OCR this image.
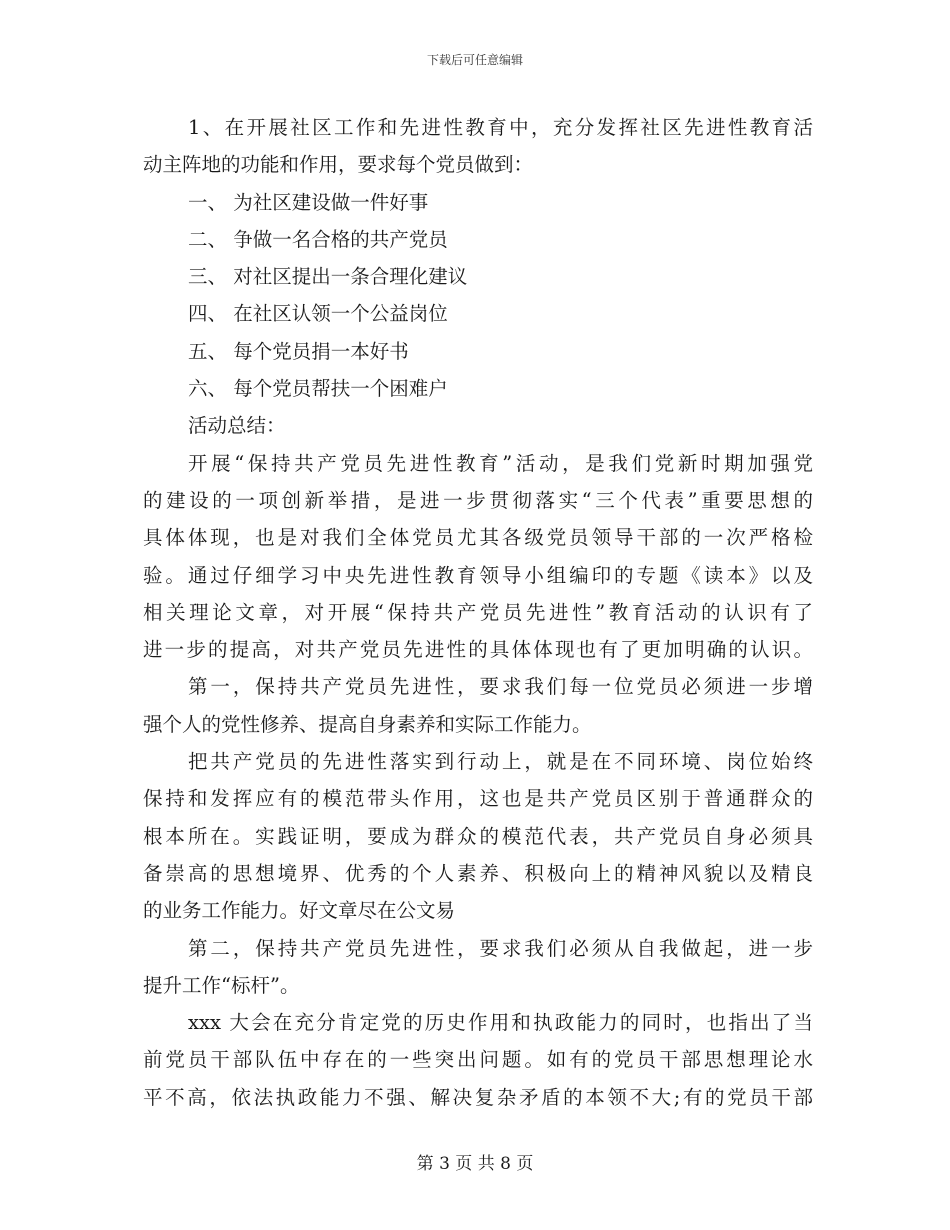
下载后可任意编辑
1、在开展社区工作和先进性教育中，充分发挥社区先进性教育活
动主阵地的功能和作用，要求每个党员做到：
一、 为社区建设做一件好事
二、 争做一名合格的共产党员
三、 对社区提出一条合理化建议
四、 在社区认领一个公益岗位
五、 每个党员捐一本好书
六、 每个党员帮扶一个困难户
活动总结：
开展“保持共产党员先进性教育”活动，是我们党新时期加强党
的建设的一项创新举措，是进一步贯彻落实“三个代表”重要思想的
具体体现，也是对我们全体党员尤其各级党员领导干部的一次严格检
验。通过仔细学习中央先进性教育领导小组编印的专题《读本》以及
相关理论文章，对开展“保持共产党员先进性”教育活动的认识有了
进一步的提高，对共产党员先进性的具体体现也有了更加明确的认识。
第一，保持共产党员先进性，要求我们每一位党员必须进一步增
强个人的党性修养、提高自身素养和实际工作能力。
把共产党员的先进性落实到行动上，就是在不同环境、岗位始终
保持和发挥应有的模范带头作用，这也是共产党员区别于普通群众的
根本所在。实践证明，要成为群众的模范代表，共产党员自身必须具
备崇高的思想境界、优秀的个人素养、积极向上的精神风貌以及精良
的业务工作能力。好文章尽在公文易
第二，保持共产党员先进性，要求我们必须从自我做起，进一步
提升工作“标杆”。
xxx 大会在充分肯定党的历史作用和执政能力的同时，也指出了当
前党员干部队伍中存在的一些突出问题。如有的党员干部思想理论水
平不高，依法执政能力不强、解决复杂矛盾的本领不大;有的党员干部
第 3 页 共 8 页
